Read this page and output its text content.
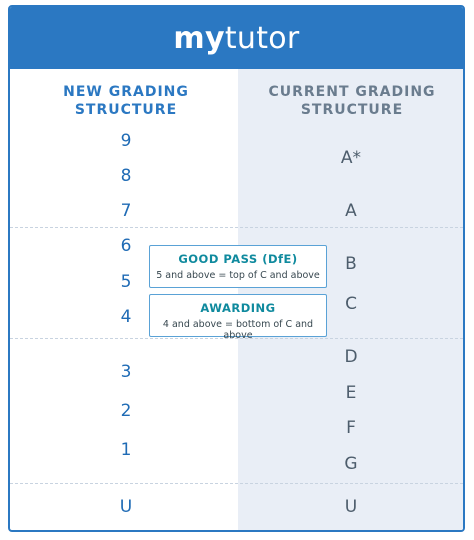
mytutor
NEW GRADING
STRUCTURE
CURRENT GRADING
STRUCTURE
9
8
7
6
5
4
3
2
1
U
A*
A
B
C
D
E
F
G
U
GOOD PASS (DfE)
5 and above = top of C and above
AWARDING
4 and above = bottom of C and above
